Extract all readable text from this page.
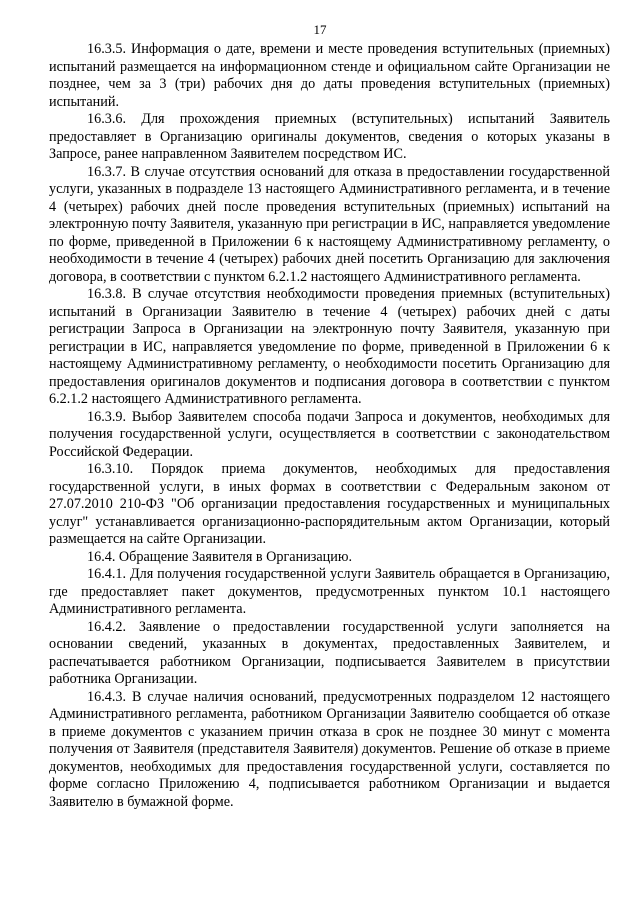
17

16.3.5. Информация о дате, времени и месте проведения вступительных (приемных) испытаний размещается на информационном стенде и официальном сайте Организации не позднее, чем за 3 (три) рабочих дня до даты проведения вступительных (приемных) испытаний.

16.3.6. Для прохождения приемных (вступительных) испытаний Заявитель предоставляет в Организацию оригиналы документов, сведения о которых указаны в Запросе, ранее направленном Заявителем посредством ИС.

16.3.7. В случае отсутствия оснований для отказа в предоставлении государственной услуги, указанных в подразделе 13 настоящего Административного регламента, и в течение 4 (четырех) рабочих дней после проведения вступительных (приемных) испытаний на электронную почту Заявителя, указанную при регистрации в ИС, направляется уведомление по форме, приведенной в Приложении 6 к настоящему Административному регламенту, о необходимости в течение 4 (четырех) рабочих дней посетить Организацию для заключения договора, в соответствии с пунктом 6.2.1.2 настоящего Административного регламента.

16.3.8. В случае отсутствия необходимости проведения приемных (вступительных) испытаний в Организации Заявителю в течение 4 (четырех) рабочих дней с даты регистрации Запроса в Организации на электронную почту Заявителя, указанную при регистрации в ИС, направляется уведомление по форме, приведенной в Приложении 6 к настоящему Административному регламенту, о необходимости посетить Организацию для предоставления оригиналов документов и подписания договора в соответствии с пунктом 6.2.1.2 настоящего Административного регламента.

16.3.9. Выбор Заявителем способа подачи Запроса и документов, необходимых для получения государственной услуги, осуществляется в соответствии с законодательством Российской Федерации.

16.3.10. Порядок приема документов, необходимых для предоставления государственной услуги, в иных формах в соответствии с Федеральным законом от 27.07.2010 210-ФЗ "Об организации предоставления государственных и муниципальных услуг" устанавливается организационно-распорядительным актом Организации, который размещается на сайте Организации.

16.4. Обращение Заявителя в Организацию.

16.4.1. Для получения государственной услуги Заявитель обращается в Организацию, где предоставляет пакет документов, предусмотренных пунктом 10.1 настоящего Административного регламента.

16.4.2. Заявление о предоставлении государственной услуги заполняется на основании сведений, указанных в документах, предоставленных Заявителем, и распечатывается работником Организации, подписывается Заявителем в присутствии работника Организации.

16.4.3. В случае наличия оснований, предусмотренных подразделом 12 настоящего Административного регламента, работником Организации Заявителю сообщается об отказе в приеме документов с указанием причин отказа в срок не позднее 30 минут с момента получения от Заявителя (представителя Заявителя) документов. Решение об отказе в приеме документов, необходимых для предоставления государственной услуги, составляется по форме согласно Приложению 4, подписывается работником Организации и выдается Заявителю в бумажной форме.
